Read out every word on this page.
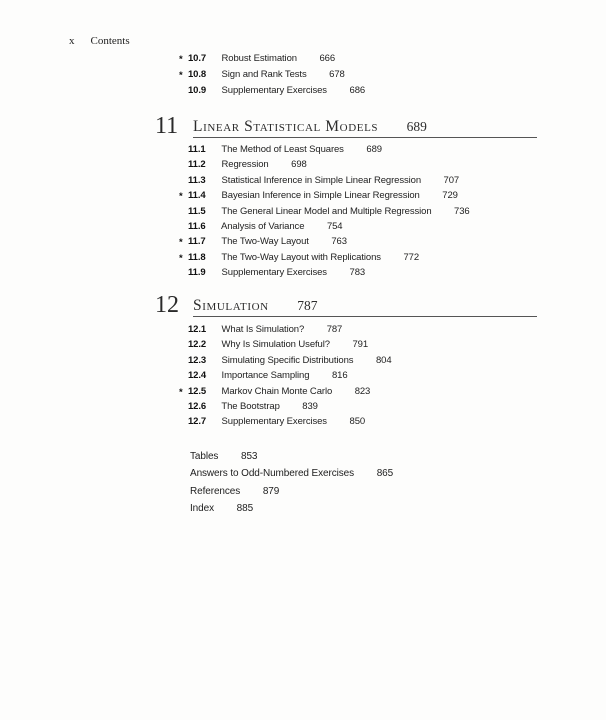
x Contents
* 10.7 Robust Estimation 666
* 10.8 Sign and Rank Tests 678
10.9 Supplementary Exercises 686
11 Linear Statistical Models 689
11.1 The Method of Least Squares 689
11.2 Regression 698
11.3 Statistical Inference in Simple Linear Regression 707
* 11.4 Bayesian Inference in Simple Linear Regression 729
11.5 The General Linear Model and Multiple Regression 736
11.6 Analysis of Variance 754
* 11.7 The Two-Way Layout 763
* 11.8 The Two-Way Layout with Replications 772
11.9 Supplementary Exercises 783
12 Simulation 787
12.1 What Is Simulation? 787
12.2 Why Is Simulation Useful? 791
12.3 Simulating Specific Distributions 804
12.4 Importance Sampling 816
* 12.5 Markov Chain Monte Carlo 823
12.6 The Bootstrap 839
12.7 Supplementary Exercises 850
Tables 853
Answers to Odd-Numbered Exercises 865
References 879
Index 885
